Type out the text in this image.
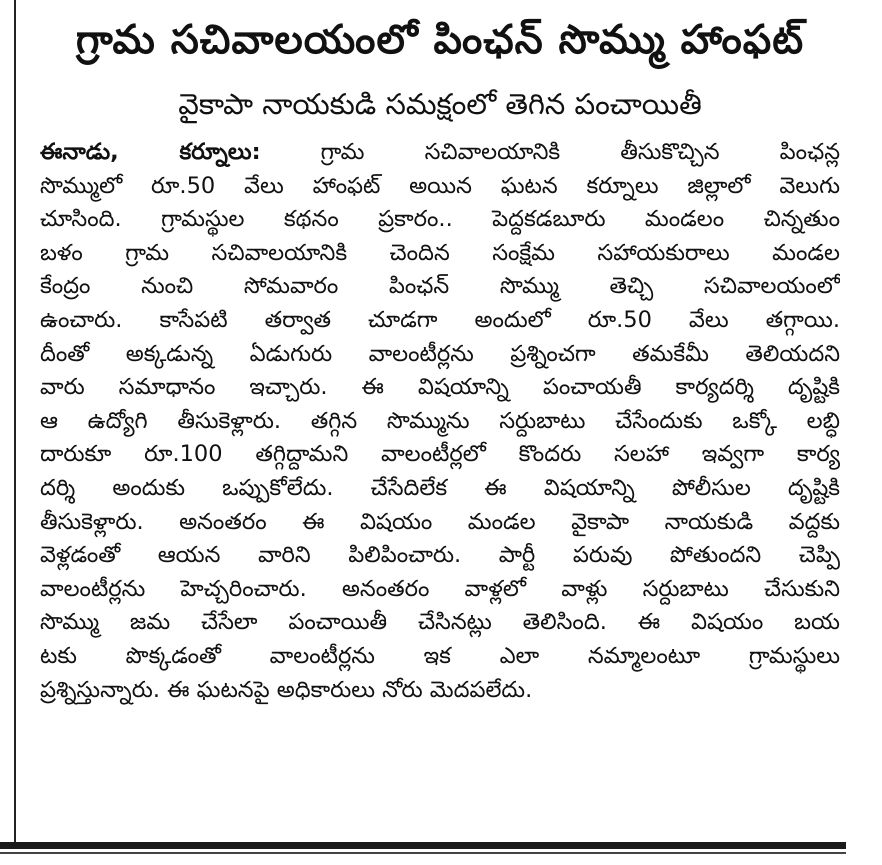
గ్రామ సచివాలయంలో పింఛన్ సొమ్ము హాంఫట్
వైకాపా నాయకుడి సమక్షంలో తెగిన పంచాయితీ
ఈనాడు, కర్నూలు: గ్రామ సచివాలయానికి తీసుకొచ్చిన పింఛన్ల
సొమ్ములో రూ.50 వేలు హాంఫట్ అయిన ఘటన కర్నూలు జిల్లాలో వెలుగు
చూసింది. గ్రామస్థుల కథనం ప్రకారం.. పెద్దకడబూరు మండలం చిన్నతుం
బళం గ్రామ సచివాలయానికి చెందిన సంక్షేమ సహాయకురాలు మండల
కేంద్రం నుంచి సోమవారం పింఛన్ సొమ్ము తెచ్చి సచివాలయంలో
ఉంచారు. కాసేపటి తర్వాత చూడగా అందులో రూ.50 వేలు తగ్గాయి.
దీంతో అక్కడున్న ఏడుగురు వాలంటీర్లను ప్రశ్నించగా తమకేమీ తెలియదని
వారు సమాధానం ఇచ్చారు. ఈ విషయాన్ని పంచాయతీ కార్యదర్శి దృష్టికి
ఆ ఉద్యోగి తీసుకెళ్లారు. తగ్గిన సొమ్మును సర్దుబాటు చేసేందుకు ఒక్కో లబ్ధి
దారుకూ రూ.100 తగ్గిద్దామని వాలంటీర్లలో కొందరు సలహా ఇవ్వగా కార్య
దర్శి అందుకు ఒప్పుకోలేదు. చేసేదిలేక ఈ విషయాన్ని పోలీసుల దృష్టికి
తీసుకెళ్లారు. అనంతరం ఈ విషయం మండల వైకాపా నాయకుడి వద్దకు
వెళ్లడంతో ఆయన వారిని పిలిపించారు. పార్టీ పరువు పోతుందని చెప్పి
వాలంటీర్లను హెచ్చరించారు. అనంతరం వాళ్లలో వాళ్లు సర్దుబాటు చేసుకుని
సొమ్ము జమ చేసేలా పంచాయితీ చేసినట్లు తెలిసింది. ఈ విషయం బయ
టకు పొక్కడంతో వాలంటీర్లను ఇక ఎలా నమ్మాలంటూ గ్రామస్థులు
ప్రశ్నిస్తున్నారు. ఈ ఘటనపై అధికారులు నోరు మెదపలేదు.
